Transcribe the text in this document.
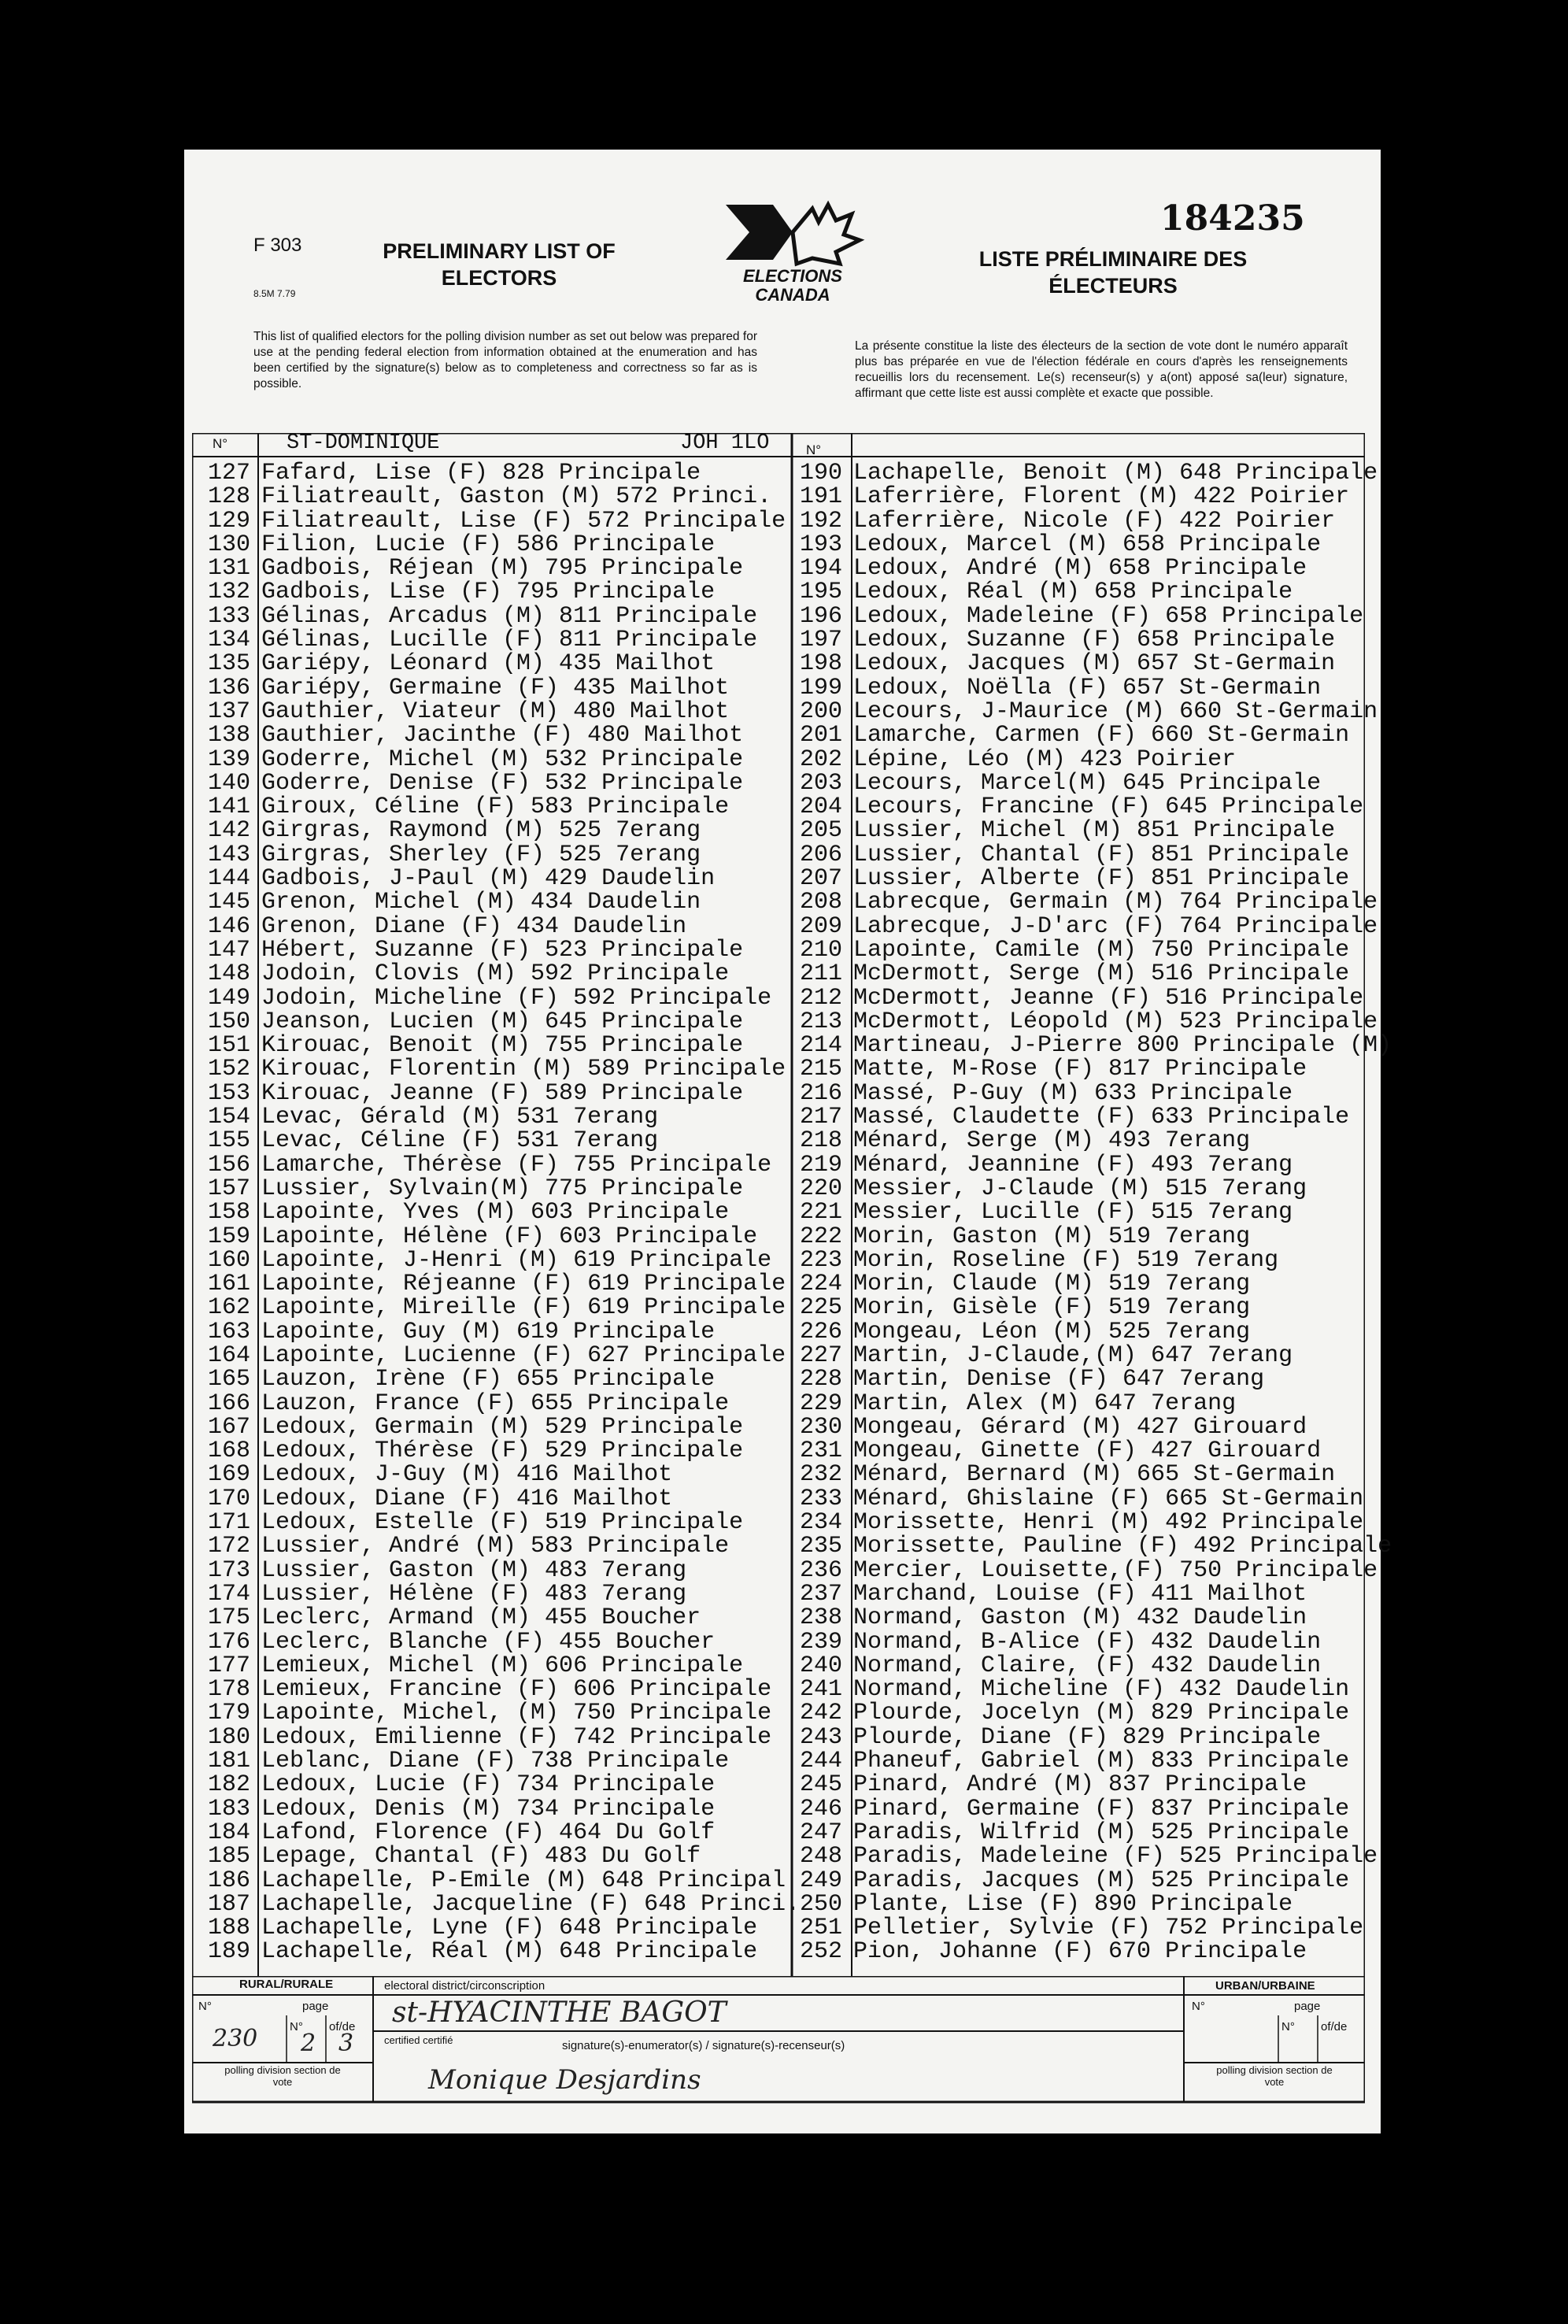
F 303
8.5M 7.79
PRELIMINARY LIST OF ELECTORS
LISTE PRÉLIMINAIRE DES ÉLECTEURS
184235
ELECTIONS
CANADA
This list of qualified electors for the polling division number as set out below was prepared for use at the pending federal election from information obtained at the enumeration and has been certified by the signature(s) below as to completeness and correctness so far as is possible.
La présente constitue la liste des électeurs de la section de vote dont le numéro apparaît plus bas préparée en vue de l'élection fédérale en cours d'après les renseignements recueillis lors du recensement. Le(s) recenseur(s) y a(ont) apposé sa(leur) signature, affirmant que cette liste est aussi complète et exacte que possible.
N°	N°
ST-DOMINIQUE	JOH 1LO
127 Fafard, Lise (F) 828 Principale
128 Filiatreault, Gaston (M) 572 Princi.
129 Filiatreault, Lise (F) 572 Principale
130 Filion, Lucie (F) 586 Principale
131 Gadbois, Réjean (M) 795 Principale
132 Gadbois, Lise (F) 795 Principale
133 Gélinas, Arcadus (M) 811 Principale
134 Gélinas, Lucille (F) 811 Principale
135 Gariépy, Léonard (M) 435 Mailhot
136 Gariépy, Germaine (F) 435 Mailhot
137 Gauthier, Viateur (M) 480 Mailhot
138 Gauthier, Jacinthe (F) 480 Mailhot
139 Goderre, Michel (M) 532 Principale
140 Goderre, Denise (F) 532 Principale
141 Giroux, Céline (F) 583 Principale
142 Girgras, Raymond (M) 525 7erang
143 Girgras, Sherley (F) 525 7erang
144 Gadbois, J-Paul (M) 429 Daudelin
145 Grenon, Michel (M) 434 Daudelin
146 Grenon, Diane (F) 434 Daudelin
147 Hébert, Suzanne (F) 523 Principale
148 Jodoin, Clovis (M) 592 Principale
149 Jodoin, Micheline (F) 592 Principale
150 Jeanson, Lucien (M) 645 Principale
151 Kirouac, Benoit (M) 755 Principale
152 Kirouac, Florentin (M) 589 Principale
153 Kirouac, Jeanne (F) 589 Principale
154 Levac, Gérald (M) 531 7erang
155 Levac, Céline (F) 531 7erang
156 Lamarche, Thérèse (F) 755 Principale
157 Lussier, Sylvain(M) 775 Principale
158 Lapointe, Yves (M) 603 Principale
159 Lapointe, Hélène (F) 603 Principale
160 Lapointe, J-Henri (M) 619 Principale
161 Lapointe, Réjeanne (F) 619 Principale
162 Lapointe, Mireille (F) 619 Principale
163 Lapointe, Guy (M) 619 Principale
164 Lapointe, Lucienne (F) 627 Principale
165 Lauzon, Irène (F) 655 Principale
166 Lauzon, France (F) 655 Principale
167 Ledoux, Germain (M) 529 Principale
168 Ledoux, Thérèse (F) 529 Principale
169 Ledoux, J-Guy (M) 416 Mailhot
170 Ledoux, Diane (F) 416 Mailhot
171 Ledoux, Estelle (F) 519 Principale
172 Lussier, André (M) 583 Principale
173 Lussier, Gaston (M) 483 7erang
174 Lussier, Hélène (F) 483 7erang
175 Leclerc, Armand (M) 455 Boucher
176 Leclerc, Blanche (F) 455 Boucher
177 Lemieux, Michel (M) 606 Principale
178 Lemieux, Francine (F) 606 Principale
179 Lapointe, Michel, (M) 750 Principale
180 Ledoux, Emilienne (F) 742 Principale
181 Leblanc, Diane (F) 738 Principale
182 Ledoux, Lucie (F) 734 Principale
183 Ledoux, Denis (M) 734 Principale
184 Lafond, Florence (F) 464 Du Golf
185 Lepage, Chantal (F) 483 Du Golf
186 Lachapelle, P-Emile (M) 648 Principal
187 Lachapelle, Jacqueline (F) 648 Princi.
188 Lachapelle, Lyne (F) 648 Principale
189 Lachapelle, Réal (M) 648 Principale
190 Lachapelle, Benoit (M) 648 Principale
191 Laferrière, Florent (M) 422 Poirier
192 Laferrière, Nicole (F) 422 Poirier
193 Ledoux, Marcel (M) 658 Principale
194 Ledoux, André (M) 658 Principale
195 Ledoux, Réal (M) 658 Principale
196 Ledoux, Madeleine (F) 658 Principale
197 Ledoux, Suzanne (F) 658 Principale
198 Ledoux, Jacques (M) 657 St-Germain
199 Ledoux, Noëlla (F) 657 St-Germain
200 Lecours, J-Maurice (M) 660 St-Germain
201 Lamarche, Carmen (F) 660 St-Germain
202 Lépine, Léo (M) 423 Poirier
203 Lecours, Marcel(M) 645 Principale
204 Lecours, Francine (F) 645 Principale
205 Lussier, Michel (M) 851 Principale
206 Lussier, Chantal (F) 851 Principale
207 Lussier, Alberte (F) 851 Principale
208 Labrecque, Germain (M) 764 Principale
209 Labrecque, J-D'arc (F) 764 Principale
210 Lapointe, Camile (M) 750 Principale
211 McDermott, Serge (M) 516 Principale
212 McDermott, Jeanne (F) 516 Principale
213 McDermott, Léopold (M) 523 Principale
214 Martineau, J-Pierre 800 Principale (M)
215 Matte, M-Rose (F) 817 Principale
216 Massé, P-Guy (M) 633 Principale
217 Massé, Claudette (F) 633 Principale
218 Ménard, Serge (M) 493 7erang
219 Ménard, Jeannine (F) 493 7erang
220 Messier, J-Claude (M) 515 7erang
221 Messier, Lucille (F) 515 7erang
222 Morin, Gaston (M) 519 7erang
223 Morin, Roseline (F) 519 7erang
224 Morin, Claude (M) 519 7erang
225 Morin, Gisèle (F) 519 7erang
226 Mongeau, Léon (M) 525 7erang
227 Martin, J-Claude,(M) 647 7erang
228 Martin, Denise (F) 647 7erang
229 Martin, Alex (M) 647 7erang
230 Mongeau, Gérard (M) 427 Girouard
231 Mongeau, Ginette (F) 427 Girouard
232 Ménard, Bernard (M) 665 St-Germain
233 Ménard, Ghislaine (F) 665 St-Germain
234 Morissette, Henri (M) 492 Principale
235 Morissette, Pauline (F) 492 Principale
236 Mercier, Louisette,(F) 750 Principale
237 Marchand, Louise (F) 411 Mailhot
238 Normand, Gaston (M) 432 Daudelin
239 Normand, B-Alice (F) 432 Daudelin
240 Normand, Claire, (F) 432 Daudelin
241 Normand, Micheline (F) 432 Daudelin
242 Plourde, Jocelyn (M) 829 Principale
243 Plourde, Diane (F) 829 Principale
244 Phaneuf, Gabriel (M) 833 Principale
245 Pinard, André (M) 837 Principale
246 Pinard, Germaine (F) 837 Principale
247 Paradis, Wilfrid (M) 525 Principale
248 Paradis, Madeleine (F) 525 Principale
249 Paradis, Jacques (M) 525 Principale
250 Plante, Lise (F) 890 Principale
251 Pelletier, Sylvie (F) 752 Principale
252 Pion, Johanne (F) 670 Principale
RURAL/RURALE	electoral district/circonscription	URBAN/URBAINE
N°	page
N° of/de
N°	page
N° of/de
polling division section de vote
polling division section de vote
certified certifié	signature(s)-enumerator(s) / signature(s)-recenseur(s)
230 2 3
st-HYACINTHE BAGOT
Monique Desjardins
